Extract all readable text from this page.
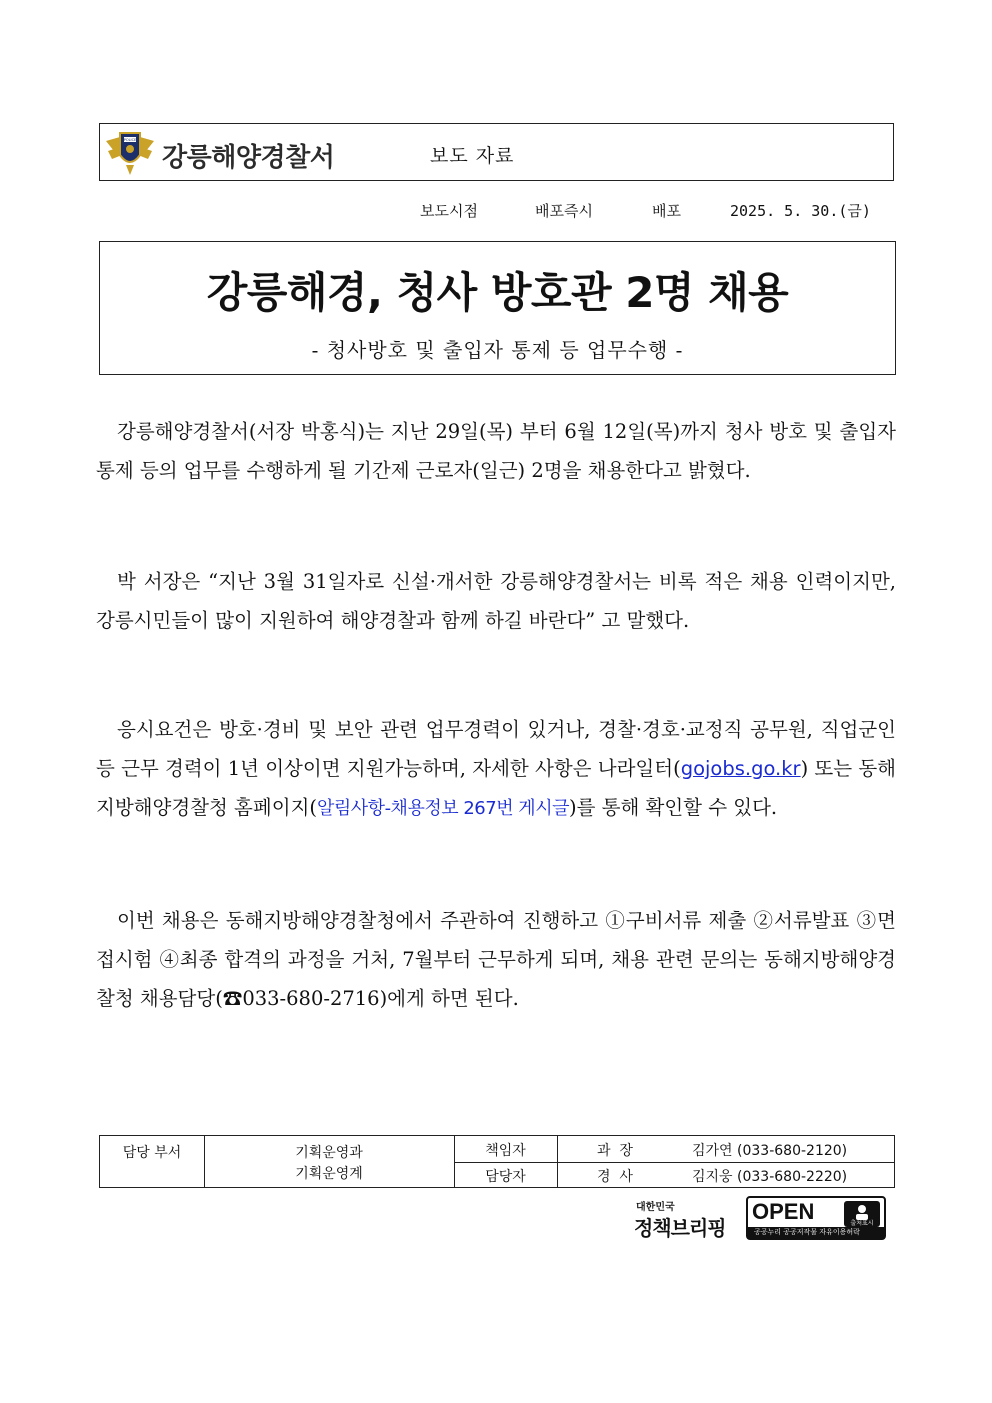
POLICE
강릉해양경찰서	보도 자료
보도시점	배포즉시	배포	2025. 5. 30.(금)
강릉해경, 청사 방호관 2명 채용
- 청사방호 및 출입자 통제 등 업무수행 -

강릉해양경찰서(서장 박홍식)는 지난 29일(목) 부터 6월 12일(목)까지 청사 방호 및 출입자 통제 등의 업무를 수행하게 될 기간제 근로자(일근) 2명을 채용한다고 밝혔다.

박 서장은 “지난 3월 31일자로 신설·개서한 강릉해양경찰서는 비록 적은 채용 인력이지만, 강릉시민들이 많이 지원하여 해양경찰과 함께 하길 바란다” 고 말했다.

응시요건은 방호·경비 및 보안 관련 업무경력이 있거나, 경찰·경호·교정직 공무원, 직업군인 등 근무 경력이 1년 이상이면 지원가능하며, 자세한 사항은 나라일터(gojobs.go.kr) 또는 동해지방해양경찰청 홈페이지(알림사항-채용정보 267번 게시글)를 통해 확인할 수 있다.

이번 채용은 동해지방해양경찰청에서 주관하여 진행하고 ①구비서류 제출 ②서류발표 ③면접시험 ④최종 합격의 과정을 거처, 7월부터 근무하게 되며, 채용 관련 문의는 동해지방해양경찰청 채용담당(☎033-680-2716)에게 하면 된다.

담당 부서	기획운영과
기획운영계
책임자	과  장	김가연 (033-680-2120)
담당자	경  사	김지웅 (033-680-2220)
대한민국
정책브리핑
OPEN	출처표시
공공누리 공공저작물 자유이용허락
